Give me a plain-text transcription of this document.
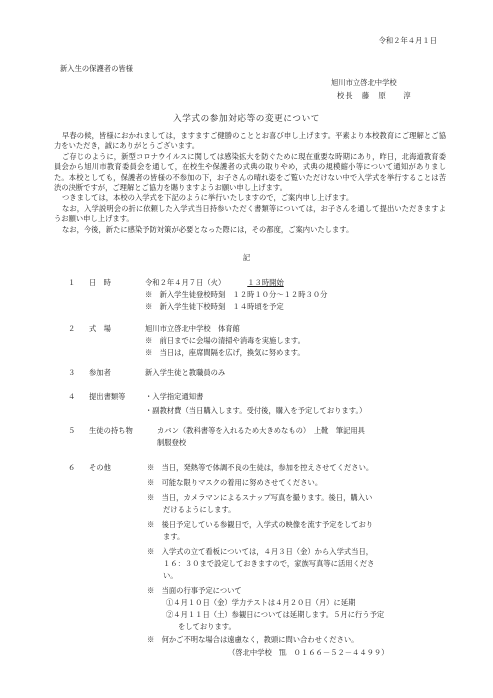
令和２年４月１日
新入生の保護者の皆様
旭川市立啓北中学校
校長　藤　原　　淳
入学式の参加対応等の変更について

早春の候，皆様におかれましては，ますますご健勝のこととお喜び申し上げます。平素より本校教育にご理解とご協力をいただき，誠にありがとうございます。

ご存じのように，新型コロナウイルスに関しては感染拡大を防ぐために現在重要な時期にあり，昨日，北海道教育委員会から旭川市教育委員会を通して，在校生や保護者の式典の取りやめ，式典の規模縮小等について通知がありました。本校としても，保護者の皆様の不参加の下，お子さんの晴れ姿をご覧いただけない中で入学式を挙行することは苦渋の決断ですが，ご理解とご協力を賜りますようお願い申し上げます。

つきましては，本校の入学式を下記のように挙行いたしますので，ご案内申し上げます。

なお，入学説明会の折に依頼した入学式当日持参いただく書類等については，お子さんを通して提出いただきますようお願い申し上げます。

なお，今後，新たに感染予防対策が必要となった際には，その都度，ご案内いたします。

記
１ 日　時	令和２年４月７日（火）	１３時開始
※　新入学生徒登校時刻　１２時１０分～１２時３０分
※　新入学生徒下校時刻　１４時頃を予定
２ 式　場	旭川市立啓北中学校　体育館
※　前日までに会場の清掃や消毒を実施します。
※　当日は，座席間隔を広げ，換気に努めます。
３ 参加者	新入学生徒と教職員のみ
４ 提出書類等	・入学指定通知書
・副教材費（当日購入します。受付後，購入を予定しております。）
５ 生徒の持ち物	カバン（教科書等を入れるため大きめなもの）　上靴　筆記用具
制服登校
６ その他	※　当日，発熱等で体調不良の生徒は，参加を控えさせてください。
※　可能な限りマスクの着用に努めさせてください。
※　当日，カメラマンによるスナップ写真を撮ります。後日，購入い
だけるようにします。
※　後日予定している参観日で，入学式の映像を流す予定をしており
ます。
※　入学式の立て看板については，４月３日（金）から入学式当日，
１６：３０まで設定しておきますので，家族写真等に活用くださ
い。
※　当面の行事予定について
①４月１０日（金）学力テストは４月２０日（月）に延期
②４月１１日（土）参観日については延期します。５月に行う予定
をしております。
※　何かご不明な場合は遠慮なく，教頭に問い合わせください。
（啓北中学校　℡　０１６６－５２－４４９９）
